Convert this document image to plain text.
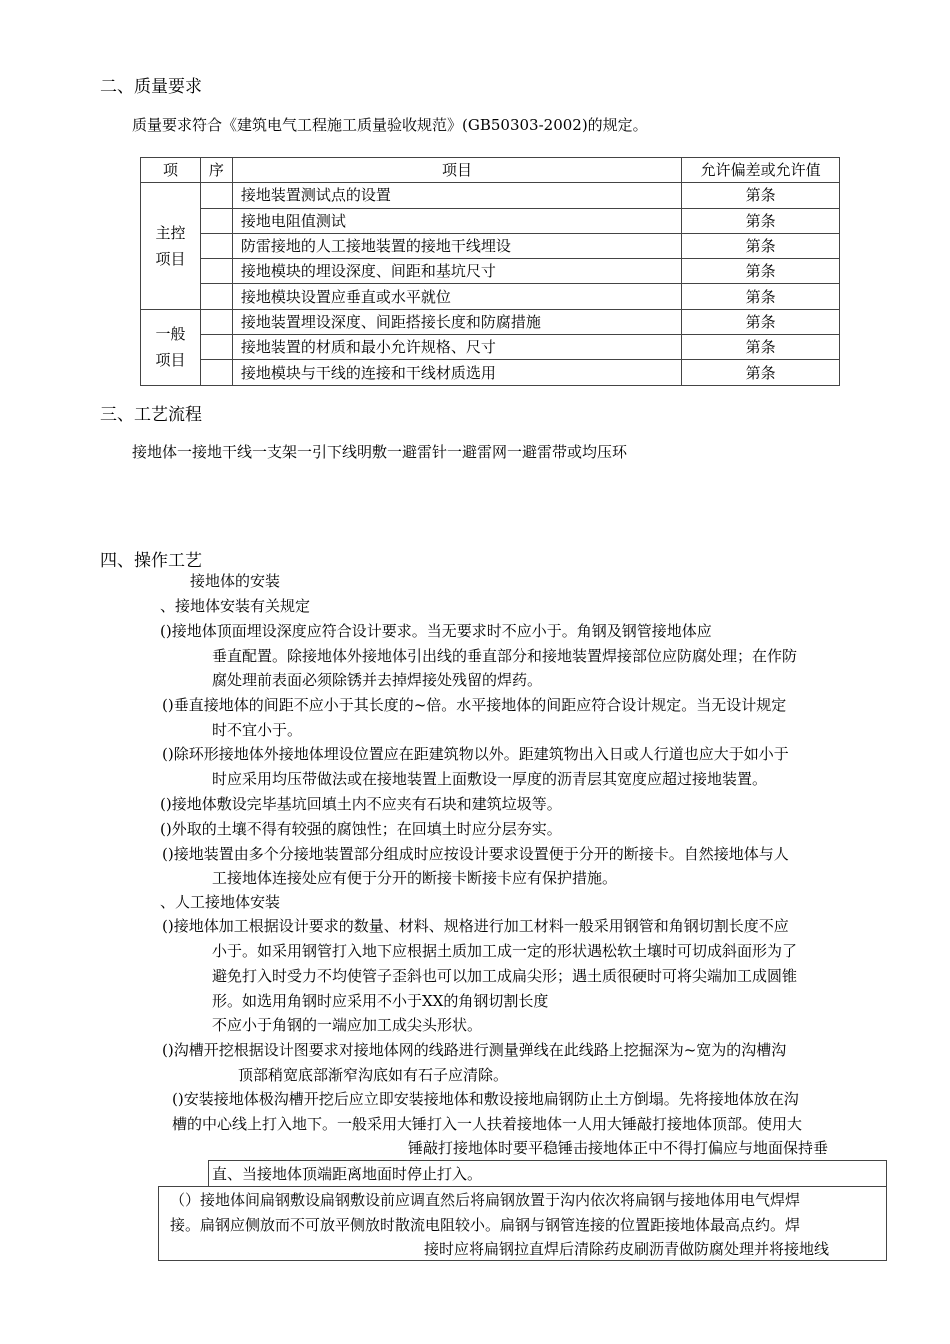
二、质量要求
质量要求符合《建筑电气工程施工质量验收规范》(GB50303-2002)的规定。
项	序	项目	允许偏差或允许值
主控
项目		接地装置测试点的设置	第条
		接地电阻值测试	第条
		防雷接地的人工接地装置的接地干线埋设	第条
		接地模块的埋设深度、间距和基坑尺寸	第条
		接地模块设置应垂直或水平就位	第条
一般
项目		接地装置埋设深度、间距搭接长度和防腐措施	第条
		接地装置的材质和最小允许规格、尺寸	第条
		接地模块与干线的连接和干线材质选用	第条
三、工艺流程
接地体一接地干线一支架一引下线明敷一避雷针一避雷网一避雷带或均压环
四、操作工艺
接地体的安装
、接地体安装有关规定
()接地体顶面埋设深度应符合设计要求。当无要求时不应小于。角钢及钢管接地体应
垂直配置。除接地体外接地体引出线的垂直部分和接地装置焊接部位应防腐处理；在作防
腐处理前表面必须除锈并去掉焊接处残留的焊药。
()垂直接地体的间距不应小于其长度的~倍。水平接地体的间距应符合设计规定。当无设计规定
时不宜小于。
()除环形接地体外接地体埋设位置应在距建筑物以外。距建筑物出入日或人行道也应大于如小于
时应采用均压带做法或在接地装置上面敷设一厚度的沥青层其宽度应超过接地装置。
()接地体敷设完毕基坑回填土内不应夹有石块和建筑垃圾等。
()外取的土壤不得有较强的腐蚀性；在回填土时应分层夯实。
()接地装置由多个分接地装置部分组成时应按设计要求设置便于分开的断接卡。自然接地体与人
工接地体连接处应有便于分开的断接卡断接卡应有保护措施。
、人工接地体安装
()接地体加工根据设计要求的数量、材料、规格进行加工材料一般采用钢管和角钢切割长度不应
小于。如采用钢管打入地下应根据土质加工成一定的形状遇松软土壤时可切成斜面形为了
避免打入时受力不均使管子歪斜也可以加工成扁尖形；遇土质很硬时可将尖端加工成圆锥
形。如选用角钢时应采用不小于XX的角钢切割长度
不应小于角钢的一端应加工成尖头形状。
()沟槽开挖根据设计图要求对接地体网的线路进行测量弹线在此线路上挖掘深为~宽为的沟槽沟
顶部稍宽底部渐窄沟底如有石子应清除。
()安装接地体极沟槽开挖后应立即安装接地体和敷设接地扁钢防止土方倒塌。先将接地体放在沟
槽的中心线上打入地下。一般采用大锤打入一人扶着接地体一人用大锤敲打接地体顶部。使用大
锤敲打接地体时要平稳锤击接地体正中不得打偏应与地面保持垂
直、当接地体顶端距离地面时停止打入。
（）接地体间扁钢敷设扁钢敷设前应调直然后将扁钢放置于沟内依次将扁钢与接地体用电气焊焊
接。扁钢应侧放而不可放平侧放时散流电阻较小。扁钢与钢管连接的位置距接地体最高点约。焊
接时应将扁钢拉直焊后清除药皮刷沥青做防腐处理并将接地线
